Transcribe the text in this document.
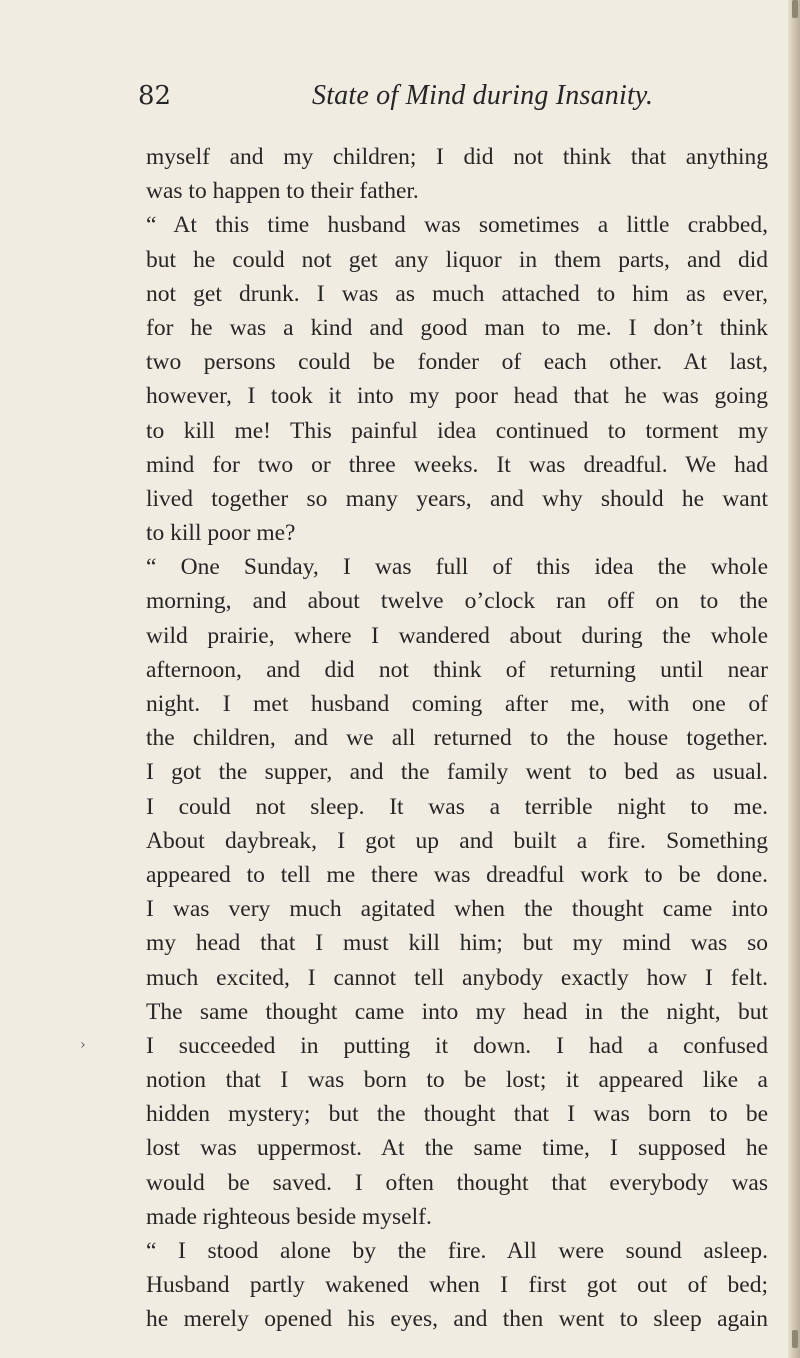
82	State of Mind during Insanity.
›
myself and my children; I did not think that anything
was to happen to their father.
“ At this time husband was sometimes a little crabbed,
but he could not get any liquor in them parts, and did
not get drunk. I was as much attached to him as ever,
for he was a kind and good man to me. I don’t think
two persons could be fonder of each other. At last,
however, I took it into my poor head that he was going
to kill me! This painful idea continued to torment my
mind for two or three weeks. It was dreadful. We had
lived together so many years, and why should he want
to kill poor me?
“ One Sunday, I was full of this idea the whole
morning, and about twelve o’clock ran off on to the
wild prairie, where I wandered about during the whole
afternoon, and did not think of returning until near
night. I met husband coming after me, with one of
the children, and we all returned to the house together.
I got the supper, and the family went to bed as usual.
I could not sleep. It was a terrible night to me.
About daybreak, I got up and built a fire. Something
appeared to tell me there was dreadful work to be done.
I was very much agitated when the thought came into
my head that I must kill him; but my mind was so
much excited, I cannot tell anybody exactly how I felt.
The same thought came into my head in the night, but
I succeeded in putting it down. I had a confused
notion that I was born to be lost; it appeared like a
hidden mystery; but the thought that I was born to be
lost was uppermost. At the same time, I supposed he
would be saved. I often thought that everybody was
made righteous beside myself.
“ I stood alone by the fire. All were sound asleep.
Husband partly wakened when I first got out of bed;
he merely opened his eyes, and then went to sleep again
